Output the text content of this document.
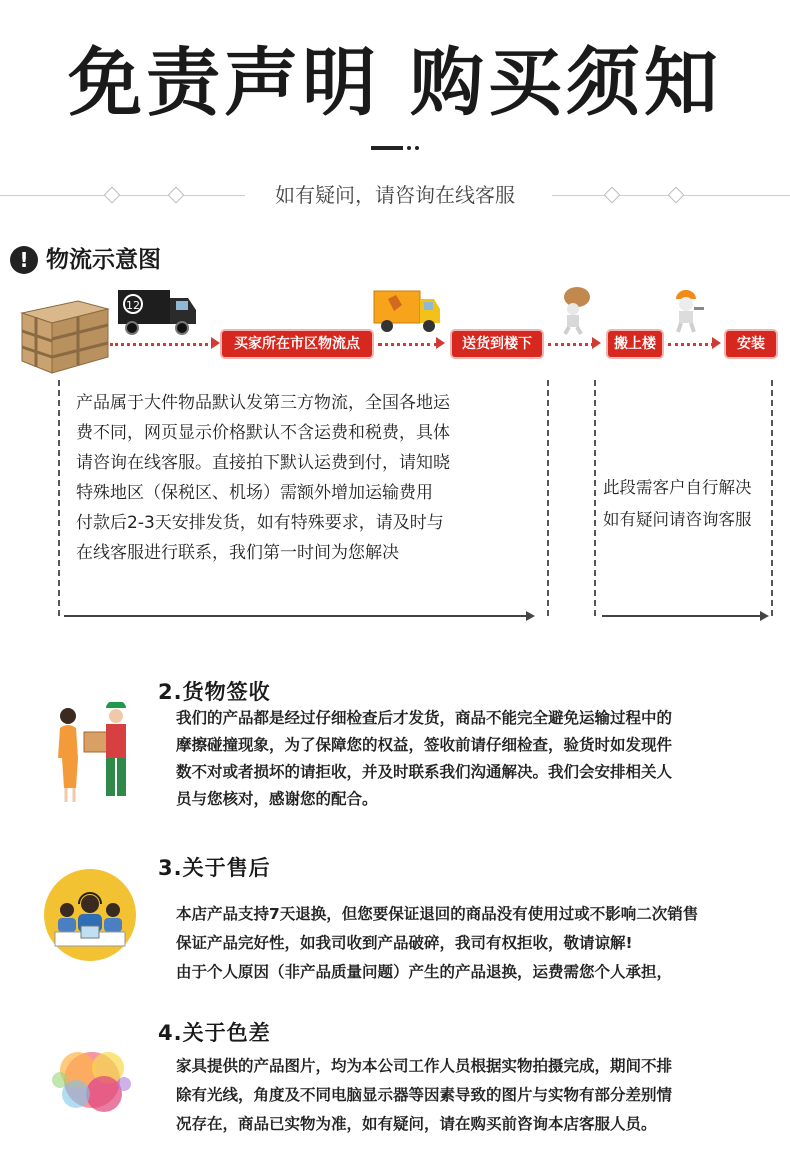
免责声明 购买须知
如有疑问，请咨询在线客服
! 物流示意图
12
买家所在市区物流点	送货到楼下	搬上楼	安装
产品属于大件物品默认发第三方物流，全国各地运
费不同，网页显示价格默认不含运费和税费，具体
请咨询在线客服。直接拍下默认运费到付，请知晓
特殊地区（保税区、机场）需额外增加运输费用
付款后2-3天安排发货，如有特殊要求，请及时与
在线客服进行联系，我们第一时间为您解决
此段需客户自行解决
如有疑问请咨询客服
2.货物签收
我们的产品都是经过仔细检查后才发货，商品不能完全避免运输过程中的
摩擦碰撞现象，为了保障您的权益，签收前请仔细检查，验货时如发现件
数不对或者损坏的请拒收，并及时联系我们沟通解决。我们会安排相关人
员与您核对，感谢您的配合。
3.关于售后
本店产品支持7天退换，但您要保证退回的商品没有使用过或不影响二次销售
保证产品完好性，如我司收到产品破碎，我司有权拒收，敬请谅解!
由于个人原因（非产品质量问题）产生的产品退换，运费需您个人承担，
4.关于色差
家具提供的产品图片，均为本公司工作人员根据实物拍摄完成，期间不排
除有光线，角度及不同电脑显示器等因素导致的图片与实物有部分差别情
况存在，商品已实物为准，如有疑问，请在购买前咨询本店客服人员。
